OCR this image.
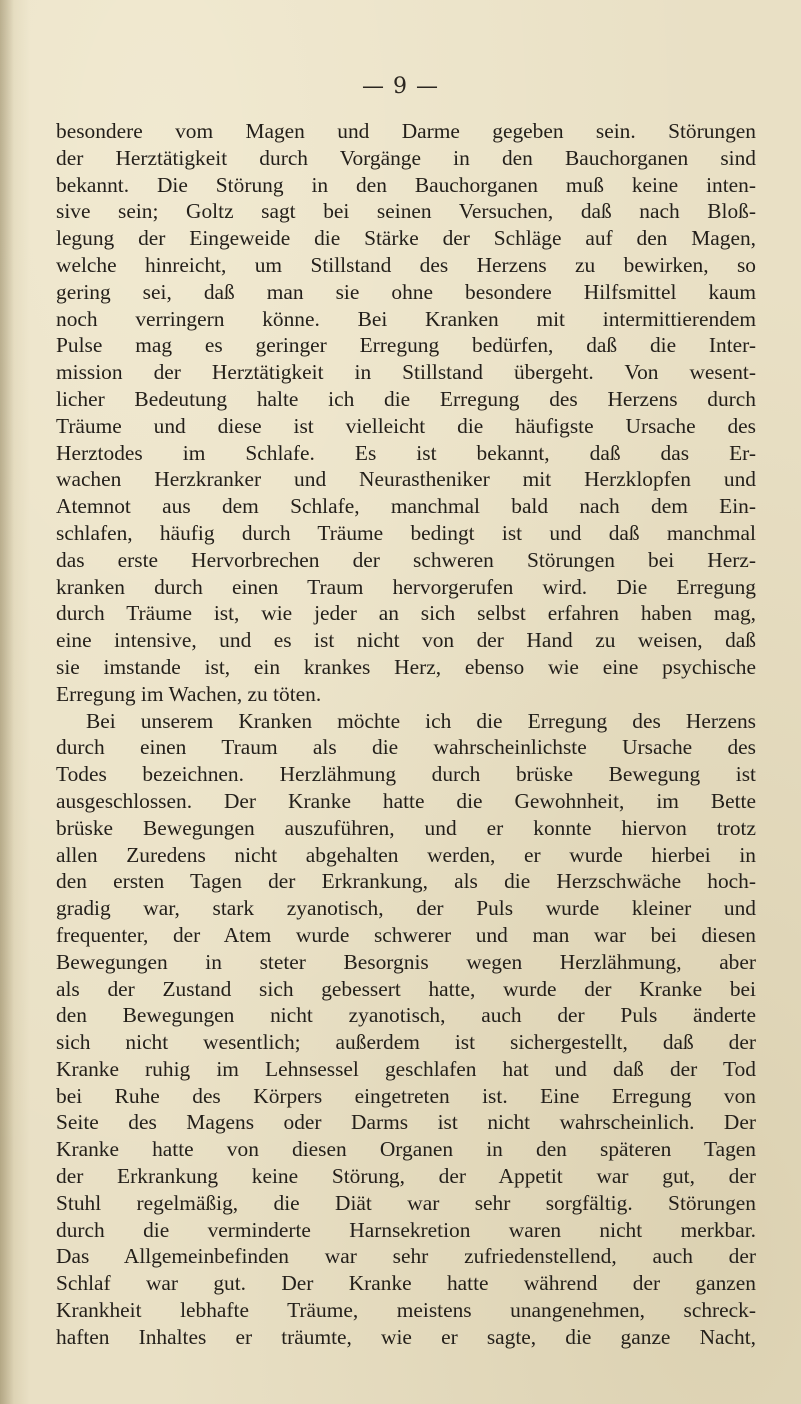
— 9 —
besondere vom Magen und Darme gegeben sein. Störungen
der Herztätigkeit durch Vorgänge in den Bauchorganen sind
bekannt. Die Störung in den Bauchorganen muß keine inten-
sive sein; Goltz sagt bei seinen Versuchen, daß nach Bloß-
legung der Eingeweide die Stärke der Schläge auf den Magen,
welche hinreicht, um Stillstand des Herzens zu bewirken, so
gering sei, daß man sie ohne besondere Hilfsmittel kaum
noch verringern könne. Bei Kranken mit intermittierendem
Pulse mag es geringer Erregung bedürfen, daß die Inter-
mission der Herztätigkeit in Stillstand übergeht. Von wesent-
licher Bedeutung halte ich die Erregung des Herzens durch
Träume und diese ist vielleicht die häufigste Ursache des
Herztodes im Schlafe. Es ist bekannt, daß das Er-
wachen Herzkranker und Neurastheniker mit Herzklopfen und
Atemnot aus dem Schlafe, manchmal bald nach dem Ein-
schlafen, häufig durch Träume bedingt ist und daß manchmal
das erste Hervorbrechen der schweren Störungen bei Herz-
kranken durch einen Traum hervorgerufen wird. Die Erregung
durch Träume ist, wie jeder an sich selbst erfahren haben mag,
eine intensive, und es ist nicht von der Hand zu weisen, daß
sie imstande ist, ein krankes Herz, ebenso wie eine psychische
Erregung im Wachen, zu töten.
Bei unserem Kranken möchte ich die Erregung des Herzens
durch einen Traum als die wahrscheinlichste Ursache des
Todes bezeichnen. Herzlähmung durch brüske Bewegung ist
ausgeschlossen. Der Kranke hatte die Gewohnheit, im Bette
brüske Bewegungen auszuführen, und er konnte hiervon trotz
allen Zuredens nicht abgehalten werden, er wurde hierbei in
den ersten Tagen der Erkrankung, als die Herzschwäche hoch-
gradig war, stark zyanotisch, der Puls wurde kleiner und
frequenter, der Atem wurde schwerer und man war bei diesen
Bewegungen in steter Besorgnis wegen Herzlähmung, aber
als der Zustand sich gebessert hatte, wurde der Kranke bei
den Bewegungen nicht zyanotisch, auch der Puls änderte
sich nicht wesentlich; außerdem ist sichergestellt, daß der
Kranke ruhig im Lehnsessel geschlafen hat und daß der Tod
bei Ruhe des Körpers eingetreten ist. Eine Erregung von
Seite des Magens oder Darms ist nicht wahrscheinlich. Der
Kranke hatte von diesen Organen in den späteren Tagen
der Erkrankung keine Störung, der Appetit war gut, der
Stuhl regelmäßig, die Diät war sehr sorgfältig. Störungen
durch die verminderte Harnsekretion waren nicht merkbar.
Das Allgemeinbefinden war sehr zufriedenstellend, auch der
Schlaf war gut. Der Kranke hatte während der ganzen
Krankheit lebhafte Träume, meistens unangenehmen, schreck-
haften Inhaltes er träumte, wie er sagte, die ganze Nacht,
